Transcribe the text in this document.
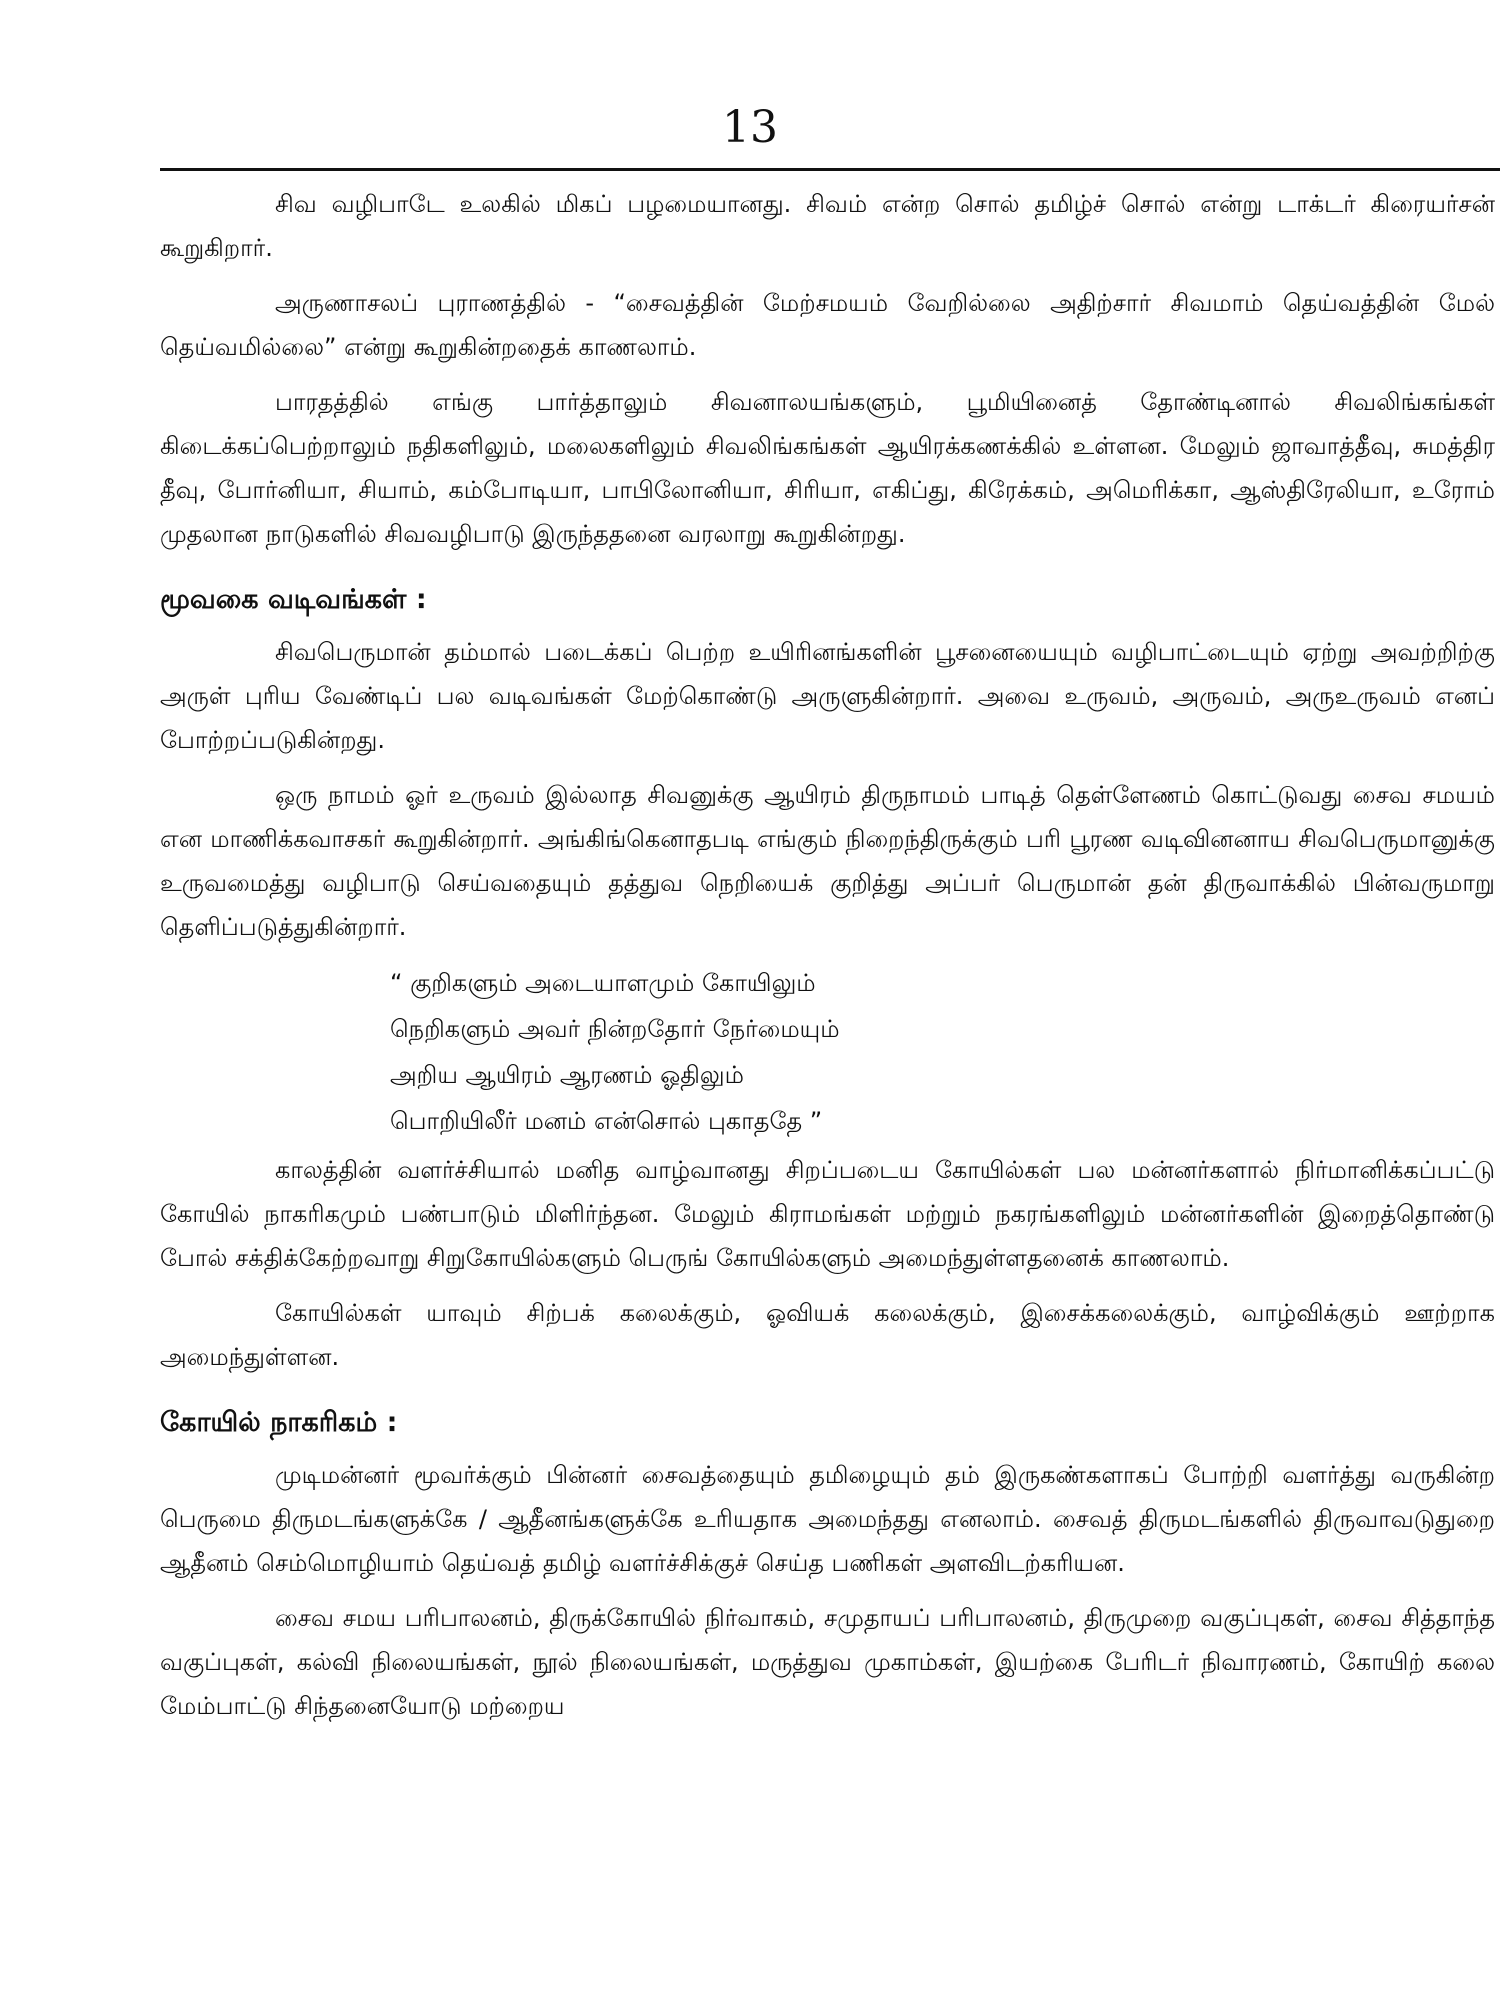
13

சிவ வழிபாடே உலகில் மிகப் பழமையானது. சிவம் என்ற சொல் தமிழ்ச் சொல் என்று டாக்டர் கிரையர்சன் கூறுகிறார்.

அருணாசலப் புராணத்தில் - “சைவத்தின் மேற்சமயம் வேறில்லை அதிற்சார் சிவமாம் தெய்வத்தின் மேல் தெய்வமில்லை” என்று கூறுகின்றதைக் காணலாம்.

பாரதத்தில் எங்கு பார்த்தாலும் சிவனாலயங்களும், பூமியினைத் தோண்டினால் சிவலிங்கங்கள் கிடைக்கப்பெற்றாலும் நதிகளிலும், மலைகளிலும் சிவலிங்கங்கள் ஆயிரக்கணக்கில் உள்ளன. மேலும் ஜாவாத்தீவு, சுமத்திர தீவு, போர்னியா, சியாம், கம்போடியா, பாபிலோனியா, சிரியா, எகிப்து, கிரேக்கம், அமெரிக்கா, ஆஸ்திரேலியா, உரோம் முதலான நாடுகளில் சிவவழிபாடு இருந்ததனை வரலாறு கூறுகின்றது.

மூவகை வடிவங்கள் :

சிவபெருமான் தம்மால் படைக்கப் பெற்ற உயிரினங்களின் பூசனையையும் வழிபாட்டையும் ஏற்று அவற்றிற்கு அருள் புரிய வேண்டிப் பல வடிவங்கள் மேற்கொண்டு அருளுகின்றார். அவை உருவம், அருவம், அருஉருவம் எனப் போற்றப்படுகின்றது.

ஒரு நாமம் ஓர் உருவம் இல்லாத சிவனுக்கு ஆயிரம் திருநாமம் பாடித் தெள்ளேணம் கொட்டுவது சைவ சமயம் என மாணிக்கவாசகர் கூறுகின்றார். அங்கிங்கெனாதபடி எங்கும் நிறைந்திருக்கும் பரி பூரண வடிவினனாய சிவபெருமானுக்கு உருவமைத்து வழிபாடு செய்வதையும் தத்துவ நெறியைக் குறித்து அப்பர் பெருமான் தன் திருவாக்கில் பின்வருமாறு தெளிப்படுத்துகின்றார்.

“ குறிகளும் அடையாளமும் கோயிலும்
நெறிகளும் அவர் நின்றதோர் நேர்மையும்
அறிய ஆயிரம் ஆரணம் ஓதிலும்
பொறியிலீர் மனம் என்சொல் புகாததே ”

காலத்தின் வளர்ச்சியால் மனித வாழ்வானது சிறப்படைய கோயில்கள் பல மன்னர்களால் நிர்மானிக்கப்பட்டு கோயில் நாகரிகமும் பண்பாடும் மிளிர்ந்தன. மேலும் கிராமங்கள் மற்றும் நகரங்களிலும் மன்னர்களின் இறைத்தொண்டு போல் சக்திக்கேற்றவாறு சிறுகோயில்களும் பெருங் கோயில்களும் அமைந்துள்ளதனைக் காணலாம்.

கோயில்கள் யாவும் சிற்பக் கலைக்கும், ஓவியக் கலைக்கும், இசைக்கலைக்கும், வாழ்விக்கும் ஊற்றாக அமைந்துள்ளன.

கோயில் நாகரிகம் :

முடிமன்னர் மூவர்க்கும் பின்னர் சைவத்தையும் தமிழையும் தம் இருகண்களாகப் போற்றி வளர்த்து வருகின்ற பெருமை திருமடங்களுக்கே / ஆதீனங்களுக்கே உரியதாக அமைந்தது எனலாம். சைவத் திருமடங்களில் திருவாவடுதுறை ஆதீனம் செம்மொழியாம் தெய்வத் தமிழ் வளர்ச்சிக்குச் செய்த பணிகள் அளவிடற்கரியன.

சைவ சமய பரிபாலனம், திருக்கோயில் நிர்வாகம், சமுதாயப் பரிபாலனம், திருமுறை வகுப்புகள், சைவ சித்தாந்த வகுப்புகள், கல்வி நிலையங்கள், நூல் நிலையங்கள், மருத்துவ முகாம்கள், இயற்கை பேரிடர் நிவாரணம், கோயிற் கலை மேம்பாட்டு சிந்தனையோடு மற்றைய
